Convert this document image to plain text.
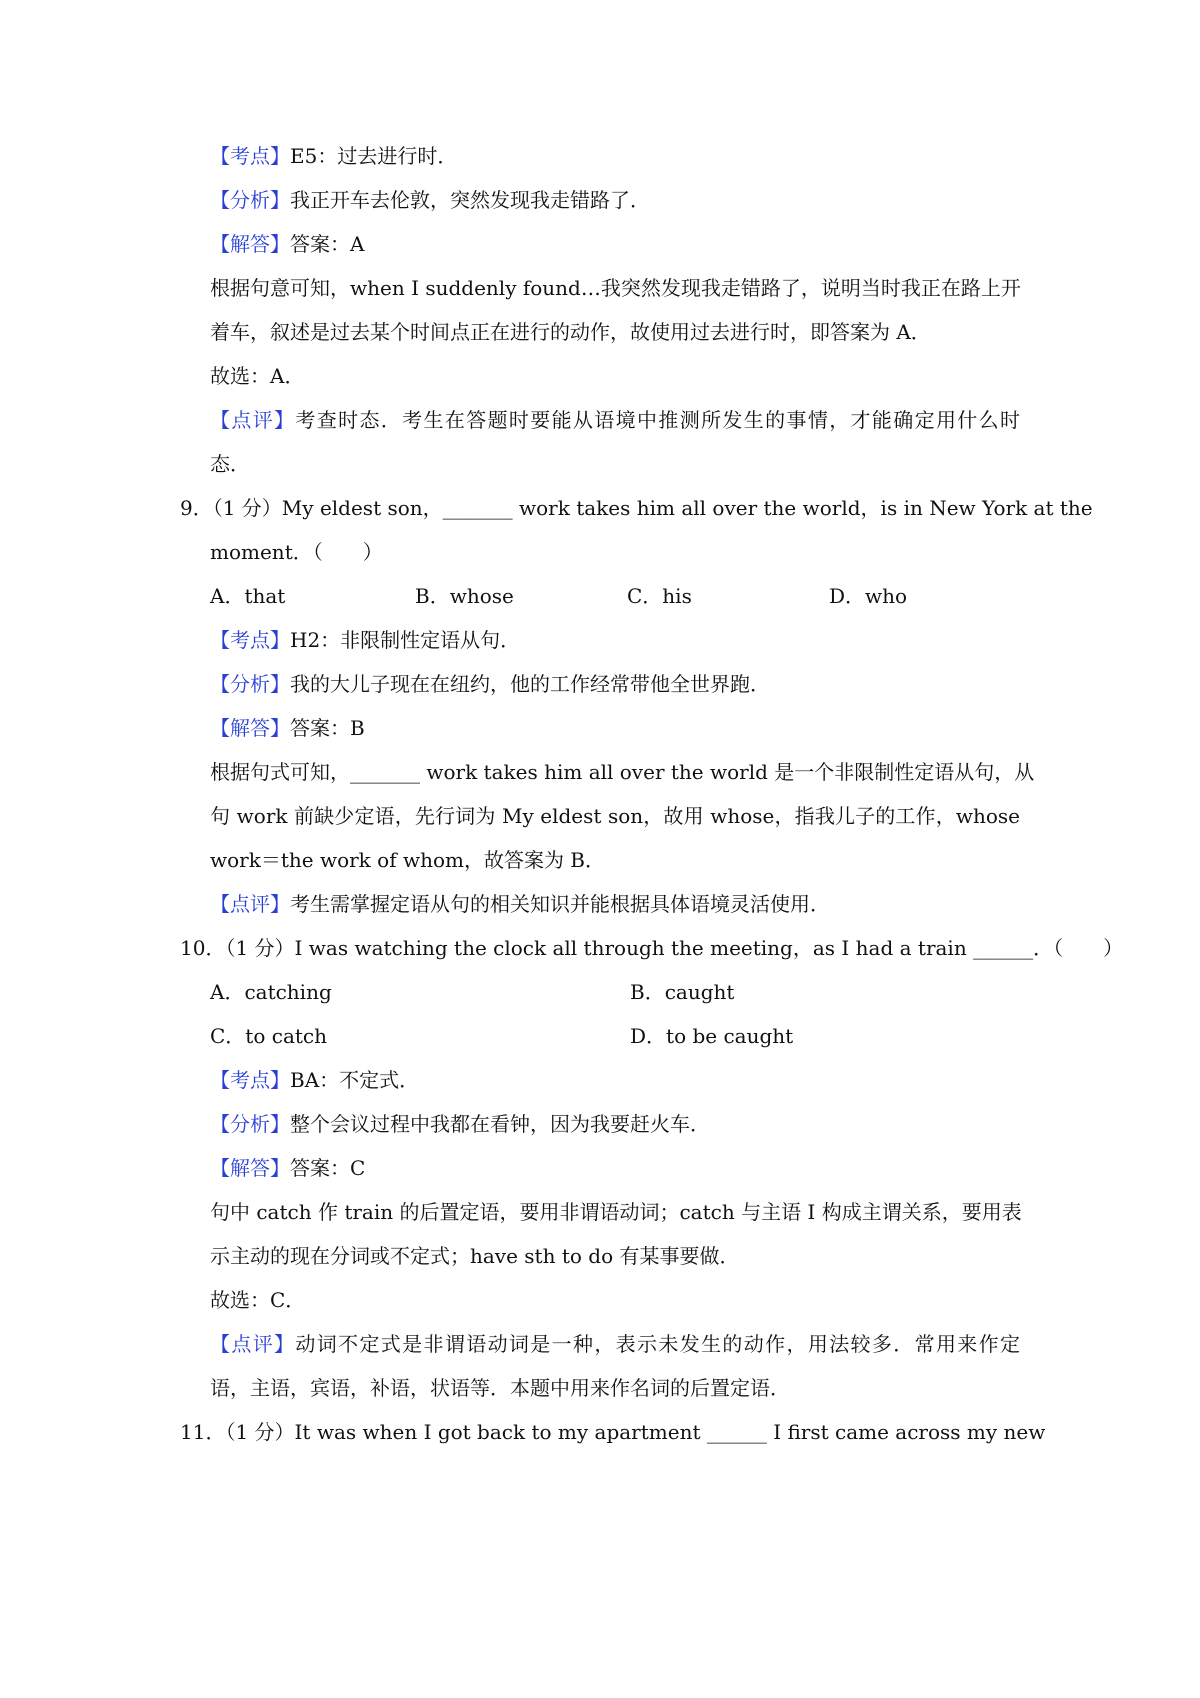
【考点】E5：过去进行时．
【分析】我正开车去伦敦，突然发现我走错路了．
【解答】答案：A
根据句意可知，when I suddenly found…我突然发现我走错路了，说明当时我正在路上开
着车，叙述是过去某个时间点正在进行的动作，故使用过去进行时，即答案为 A．
故选：A．
【点评】考查时态．考生在答题时要能从语境中推测所发生的事情，才能确定用什么时
态．
9．（1 分）My eldest son，_______ work takes him all over the world，is in New York at the
moment．（　　）
A．that	B．whose	C．his	D．who
【考点】H2：非限制性定语从句．
【分析】我的大儿子现在在纽约，他的工作经常带他全世界跑．
【解答】答案：B
根据句式可知，_______ work takes him all over the world 是一个非限制性定语从句，从
句 work 前缺少定语，先行词为 My eldest son，故用 whose，指我儿子的工作，whose
work＝the work of whom，故答案为 B．
【点评】考生需掌握定语从句的相关知识并能根据具体语境灵活使用．
10．（1 分）I was watching the clock all through the meeting，as I had a train ______．（　　）
A．catching	B．caught
C．to catch	D．to be caught
【考点】BA：不定式．
【分析】整个会议过程中我都在看钟，因为我要赶火车．
【解答】答案：C
句中 catch 作 train 的后置定语，要用非谓语动词；catch 与主语 I 构成主谓关系，要用表
示主动的现在分词或不定式；have sth to do 有某事要做．
故选：C．
【点评】动词不定式是非谓语动词是一种，表示未发生的动作，用法较多．常用来作定
语，主语，宾语，补语，状语等．本题中用来作名词的后置定语．
11．（1 分）It was when I got back to my apartment ______ I first came across my new
